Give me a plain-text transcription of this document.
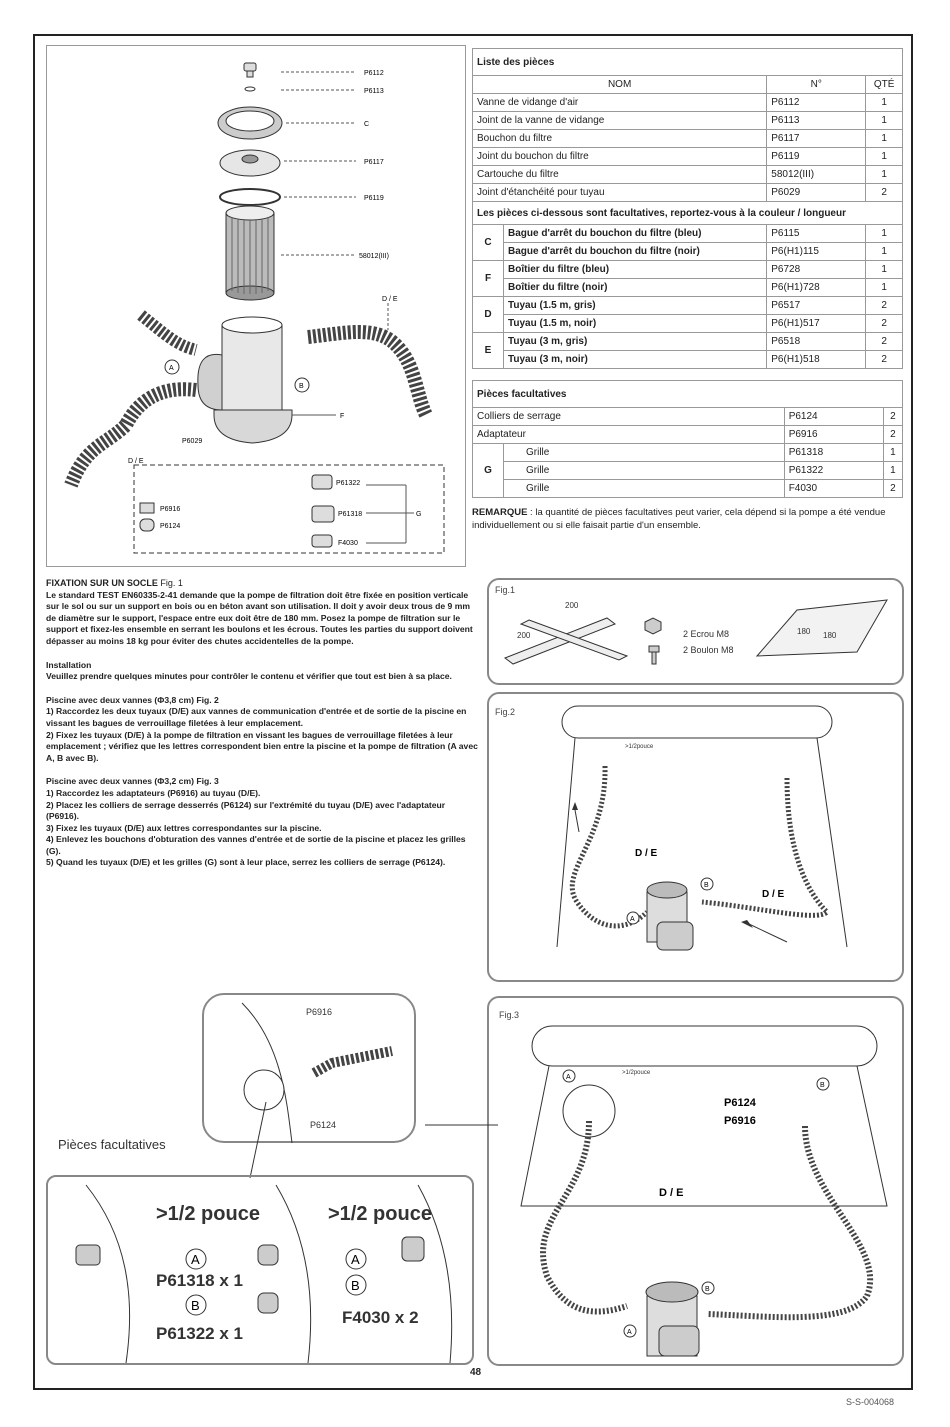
P6112
P6113
C
P6117
P6119
58012(III)
D / E
B
A
P6029
F
D / E
P6916
P6124
P61322
P61318	G
F4030
Liste des pièces			
NOM		N°	QTÉ
Vanne de vidange d'air		P6112	1
Joint de la vanne de vidange		P6113	1
Bouchon du filtre		P6117	1
Joint du bouchon du filtre		P6119	1
Cartouche du filtre		58012(III)	1
Joint d'étanchéité pour tuyau		P6029	2
Les pièces ci-dessous sont facultatives, reportez-vous à la couleur / longueur			
C	Bague d'arrêt du bouchon du filtre (bleu)	P6115	1
	Bague d'arrêt du bouchon du filtre (noir)	P6(H1)115	1
F	Boîtier du filtre (bleu)	P6728	1
	Boîtier du filtre (noir)	P6(H1)728	1
D	Tuyau (1.5 m, gris)	P6517	2
	Tuyau (1.5 m, noir)	P6(H1)517	2
E	Tuyau (3 m, gris)	P6518	2
	Tuyau (3 m, noir)	P6(H1)518	2
Pièces facultatives			
Colliers de serrage		P6124	2
Adaptateur		P6916	2
G	Grille	P61318	1
	Grille	P61322	1
	Grille	F4030	2
REMARQUE : la quantité de pièces facultatives peut varier, cela dépend si la pompe a été vendue individuellement ou si elle faisait partie d'un ensemble.

FIXATION SUR UN SOCLE Fig. 1

Le standard TEST EN60335-2-41 demande que la pompe de filtration doit être fixée en position verticale sur le sol ou sur un support en bois ou en béton avant son utilisation. Il doit y avoir deux trous de 9 mm de diamètre sur le support, l'espace entre eux doit être de 180 mm. Posez la pompe de filtration sur le support et fixez-les ensemble en serrant les boulons et les écrous. Toutes les parties du support doivent dépasser au moins 18 kg pour éviter des chutes accidentelles de la pompe.

Installation

Veuillez prendre quelques minutes pour contrôler le contenu et vérifier que tout est bien à sa place.

Piscine avec deux vannes (Φ3,8 cm) Fig. 2

1) Raccordez les deux tuyaux (D/E) aux vannes de communication d'entrée et de sortie de la piscine en vissant les bagues de verrouillage filetées à leur emplacement.

2) Fixez les tuyaux (D/E) à la pompe de filtration en vissant les bagues de verrouillage filetées à leur emplacement ; vérifiez que les lettres correspondent bien entre la piscine et la pompe de filtration (A avec A, B avec B).

Piscine avec deux vannes (Φ3,2 cm) Fig. 3

1) Raccordez les adaptateurs (P6916) au tuyau (D/E).

2) Placez les colliers de serrage desserrés (P6124) sur l'extrémité du tuyau (D/E) avec l'adaptateur (P6916).

3) Fixez les tuyaux (D/E) aux lettres correspondantes sur la piscine.

4) Enlevez les bouchons d'obturation des vannes d'entrée et de sortie de la piscine et placez les grilles (G).

5) Quand les tuyaux (D/E) et les grilles (G) sont à leur place, serrez les colliers de serrage (P6124).

Fig.1
200
200	2 Ecrou M8
2 Boulon M8
180 180
Fig.2
>1/2pouce
D / E
D / E
A
B
Fig.3
>1/2pouce
P6124
P6916
D / E
A
B
B
A
P6916
P6124
Pièces facultatives
>1/2 pouce	>1/2 pouce
A
B
P61318 x 1
P61322 x 1
A
B
F4030 x 2
48
S-S-004068
